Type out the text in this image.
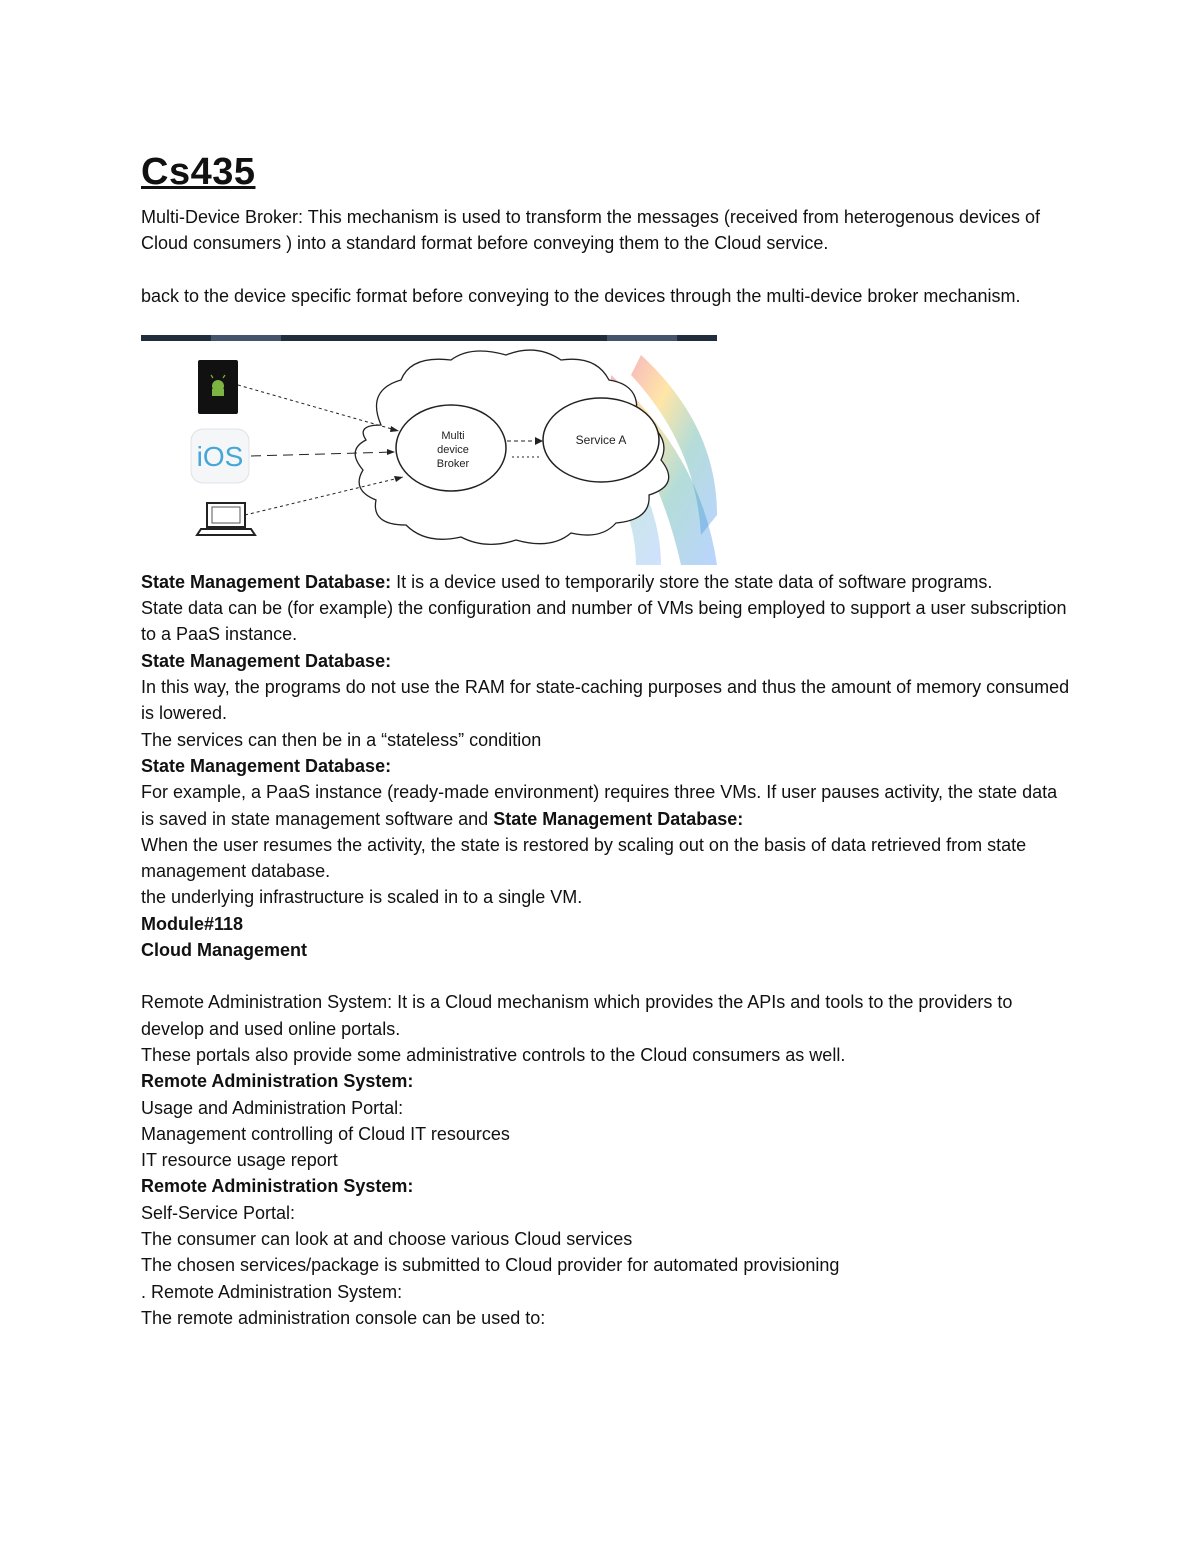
Cs435

Multi-Device Broker: This mechanism is used to transform the messages (received from heterogenous devices of Cloud consumers ) into a standard format before conveying them to the Cloud service.

back to the device specific format before conveying to the devices through the multi-device broker mechanism.

iOS
Multi
device
Broker
Service A

State Management Database: It is a device used to temporarily store the state data of software programs.

State data can be (for example) the configuration and number of VMs being employed to support a user subscription to a PaaS instance.

State Management Database:

In this way, the programs do not use the RAM for state-caching purposes and thus the amount of memory consumed is lowered.

The services can then be in a “stateless” condition

State Management Database:

For example, a PaaS instance (ready-made environment) requires three VMs. If user pauses activity, the state data is saved in state management software and State Management Database:

When the user resumes the activity, the state is restored by scaling out on the basis of data retrieved from state management database.

the underlying infrastructure is scaled in to a single VM.

Module#118

Cloud Management

Remote Administration System: It is a Cloud mechanism which provides the APIs and tools to the providers to develop and used online portals.

These portals also provide some administrative controls to the Cloud consumers as well.

Remote Administration System:

Usage and Administration Portal:

Management controlling of Cloud IT resources

IT resource usage report

Remote Administration System:

Self-Service Portal:

The consumer can look at and choose various Cloud services

The chosen services/package is submitted to Cloud provider for automated provisioning

. Remote Administration System:

The remote administration console can be used to:
